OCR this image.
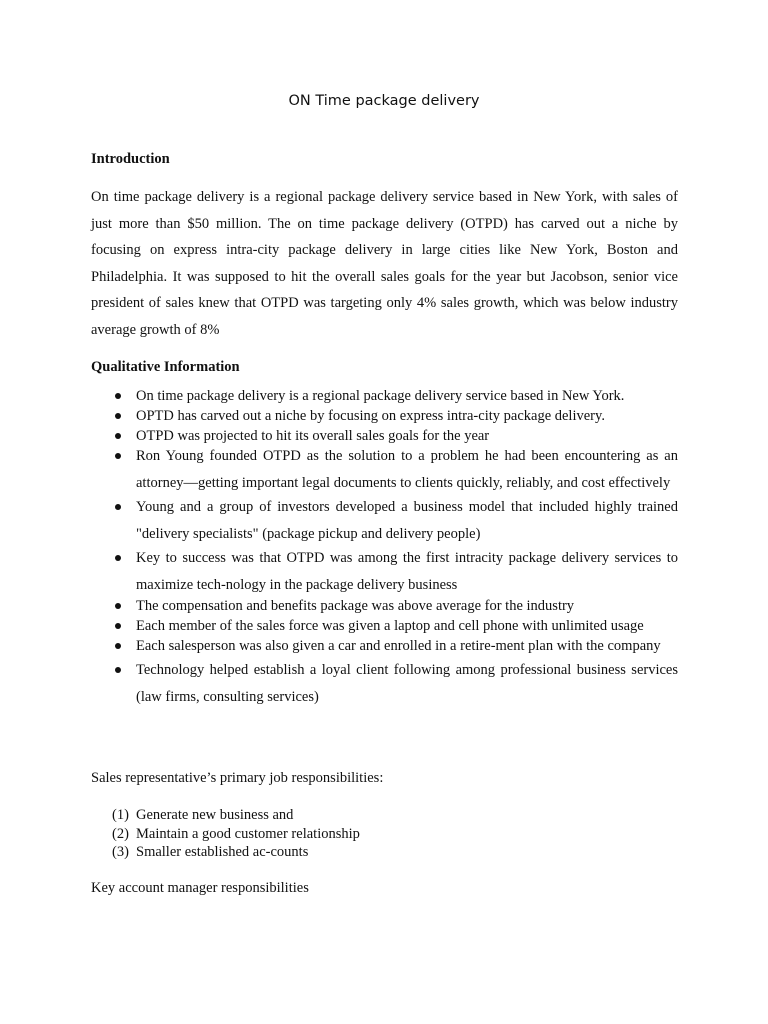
ON Time package delivery
Introduction

On time package delivery is a regional package delivery service based in New York, with sales of just more than $50 million. The on time package delivery (OTPD) has carved out a niche by focusing on express intra-city package delivery in large cities like New York, Boston and Philadelphia. It was supposed to hit the overall sales goals for the year but Jacobson, senior vice president of sales knew that OTPD was targeting only 4% sales growth, which was below industry average growth of 8%

Qualitative Information
On time package delivery is a regional package delivery service based in New York.
OPTD has carved out a niche by focusing on express intra-city package delivery.
OTPD was projected to hit its overall sales goals for the year
Ron Young founded OTPD as the solution to a problem he had been encountering as an attorney—getting important legal documents to clients quickly, reliably, and cost effectively
Young and a group of investors developed a business model that included highly trained "delivery specialists" (package pickup and delivery people)
Key to success was that OTPD was among the first intracity package delivery services to maximize tech-nology in the package delivery business
The compensation and benefits package was above average for the industry
Each member of the sales force was given a laptop and cell phone with unlimited usage
Each salesperson was also given a car and enrolled in a retire-ment plan with the company
Technology helped establish a loyal client following among professional business services (law firms, consulting services)

Sales representative’s primary job responsibilities:

(1) Generate new business and
(2) Maintain a good customer relationship
(3) Smaller established ac-counts

Key account manager responsibilities
